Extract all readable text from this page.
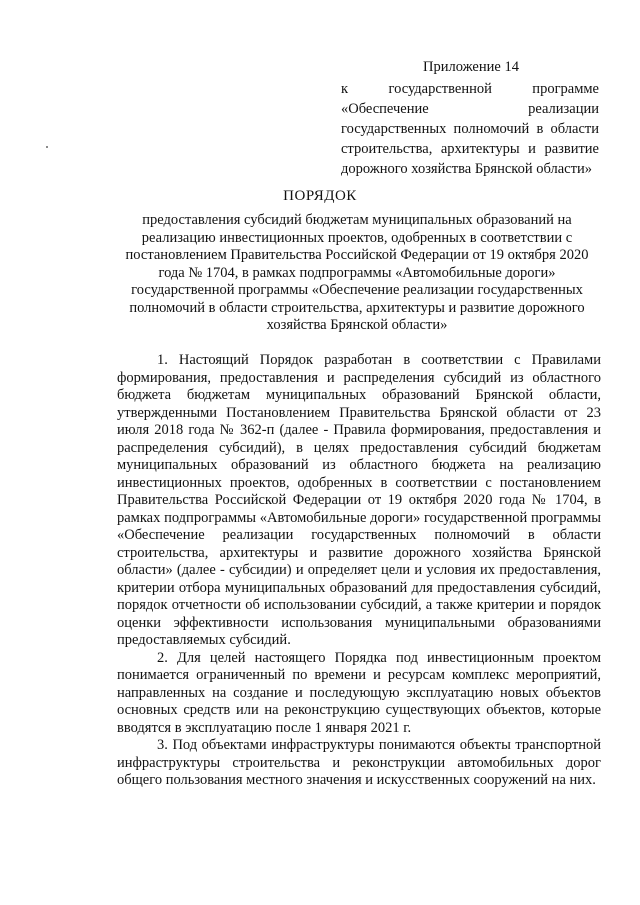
Приложение 14
к государственной программе «Обеспечение реализации государственных полномочий в области строительства, архитектуры и развитие дорожного хозяйства Брянской области»
ПОРЯДОК
предоставления субсидий бюджетам муниципальных образований на реализацию инвестиционных проектов, одобренных в соответствии с постановлением Правительства Российской Федерации от 19 октября 2020 года № 1704, в рамках подпрограммы «Автомобильные дороги» государственной программы «Обеспечение реализации государственных полномочий в области строительства, архитектуры и развитие дорожного хозяйства Брянской области»

1. Настоящий Порядок разработан в соответствии с Правилами формирования, предоставления и распределения субсидий из областного бюджета бюджетам муниципальных образований Брянской области, утвержденными Постановлением Правительства Брянской области от 23 июля 2018 года № 362-п (далее - Правила формирования, предоставления и распределения субсидий), в целях предоставления субсидий бюджетам муниципальных образований из областного бюджета на реализацию инвестиционных проектов, одобренных в соответствии с постановлением Правительства Российской Федерации от 19 октября 2020 года № 1704, в рамках подпрограммы «Автомобильные дороги» государственной программы «Обеспечение реализации государственных полномочий в области строительства, архитектуры и развитие дорожного хозяйства Брянской области» (далее - субсидии) и определяет цели и условия их предоставления, критерии отбора муниципальных образований для предоставления субсидий, порядок отчетности об использовании субсидий, а также критерии и порядок оценки эффективности использования муниципальными образованиями предоставляемых субсидий.

2. Для целей настоящего Порядка под инвестиционным проектом понимается ограниченный по времени и ресурсам комплекс мероприятий, направленных на создание и последующую эксплуатацию новых объектов основных средств или на реконструкцию существующих объектов, которые вводятся в эксплуатацию после 1 января 2021 г.

3. Под объектами инфраструктуры понимаются объекты транспортной инфраструктуры строительства и реконструкции автомобильных дорог общего пользования местного значения и искусственных сооружений на них.
